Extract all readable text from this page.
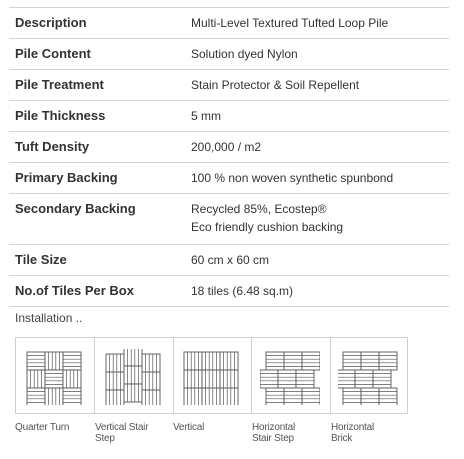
Description	Multi-Level Textured Tufted Loop Pile
Pile Content	Solution dyed Nylon
Pile Treatment	Stain Protector & Soil Repellent
Pile Thickness	5 mm
Tuft Density	200,000 / m2
Primary Backing	100 % non woven synthetic spunbond
Secondary Backing	Recycled 85%, Ecostep®
Eco friendly cushion backing
Tile Size	60 cm x 60 cm
No.of Tiles Per Box	18 tiles (6.48 sq.m)
Installation ..
Quarter Turn	Vertical Stair
Step
Vertical	Horizontal
Stair Step
Horizontal
Brick
